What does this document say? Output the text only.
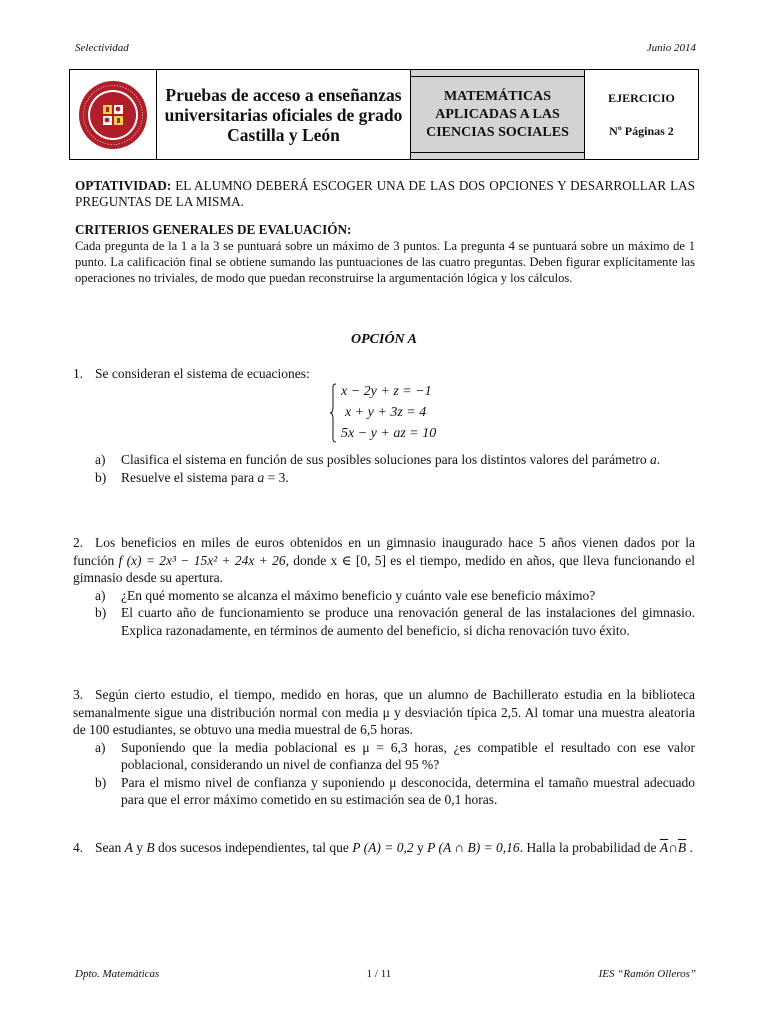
Selectividad	Junio 2014
Pruebas de acceso a enseñanzas
universitarias oficiales de grado
Castilla y León
MATEMÁTICAS
APLICADAS A LAS
CIENCIAS SOCIALES
EJERCICIO
Nº Páginas 2
OPTATIVIDAD: EL ALUMNO DEBERÁ ESCOGER UNA DE LAS DOS OPCIONES Y DESARROLLAR LAS PREGUNTAS DE LA MISMA.
CRITERIOS GENERALES DE EVALUACIÓN:
Cada pregunta de la 1 a la 3 se puntuará sobre un máximo de 3 puntos. La pregunta 4 se puntuará sobre un máximo de 1 punto. La calificación final se obtiene sumando las puntuaciones de las cuatro preguntas. Deben figurar explícitamente las operaciones no triviales, de modo que puedan reconstruirse la argumentación lógica y los cálculos.
OPCIÓN A
1. Se consideran el sistema de ecuaciones:
x − 2y + z = −1
x + y + 3z = 4
5x − y + az = 10
a)	Clasifica el sistema en función de sus posibles soluciones para los distintos valores del parámetro a.
b)	Resuelve el sistema para a = 3.
2. Los beneficios en miles de euros obtenidos en un gimnasio inaugurado hace 5 años vienen dados por la función f (x) = 2x³ − 15x² + 24x + 26, donde x ∈ [0, 5] es el tiempo, medido en años, que lleva funcionando el gimnasio desde su apertura.
a)	¿En qué momento se alcanza el máximo beneficio y cuánto vale ese beneficio máximo?
b)	El cuarto año de funcionamiento se produce una renovación general de las instalaciones del gimnasio. Explica razonadamente, en términos de aumento del beneficio, si dicha renovación tuvo éxito.
3. Según cierto estudio, el tiempo, medido en horas, que un alumno de Bachillerato estudia en la biblioteca semanalmente sigue una distribución normal con media μ y desviación típica 2,5. Al tomar una muestra aleatoria de 100 estudiantes, se obtuvo una media muestral de 6,5 horas.
a)	Suponiendo que la media poblacional es μ = 6,3 horas, ¿es compatible el resultado con ese valor poblacional, considerando un nivel de confianza del 95 %?
b)	Para el mismo nivel de confianza y suponiendo μ desconocida, determina el tamaño muestral adecuado para que el error máximo cometido en su estimación sea de 0,1 horas.
4. Sean A y B dos sucesos independientes, tal que P (A) = 0,2 y P (A ∩ B) = 0,16. Halla la probabilidad de $\overline{A}\cap\overline{B}$ .
Dpto. Matemáticas	1 / 11	IES “Ramón Olleros”
